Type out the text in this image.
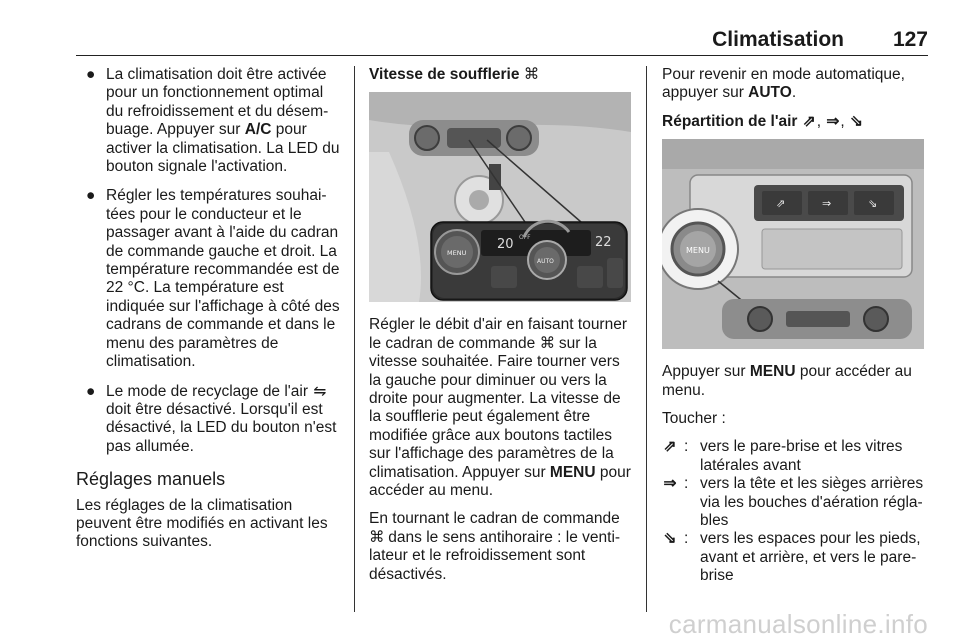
Climatisation 127
● La climatisation doit être activée pour un fonctionnement optimal du refroidissement et du désembuage. Appuyer sur A/C pour activer la climatisation. La LED du bouton signale l'activation.
● Régler les températures souhaitées pour le conducteur et le passager avant à l'aide du cadran de commande gauche et droit. La température recommandée est de 22 °C. La température est indiquée sur l'affichage à côté des cadrans de commande et dans le menu des paramètres de climatisation.
● Le mode de recyclage de l'air ⇋ doit être désactivé. Lorsqu'il est désactivé, la LED du bouton n'est pas allumée.
Réglages manuels

Les réglages de la climatisation peuvent être modifiés en activant les fonctions suivantes.

Vitesse de soufflerie ⌘

20	22
OFF
MENU
AUTO

Régler le débit d'air en faisant tourner le cadran de commande ⌘ sur la vitesse souhaitée. Faire tourner vers la gauche pour diminuer ou vers la droite pour augmenter. La vitesse de la soufflerie peut également être modifiée grâce aux boutons tactiles sur l'affichage des paramètres de la climatisation. Appuyer sur MENU pour accéder au menu.

En tournant le cadran de commande ⌘ dans le sens antihoraire : le ventilateur et le refroidissement sont désactivés.

Pour revenir en mode automatique, appuyer sur AUTO.

Répartition de l'air ⇗, ⇒, ⇘

⇗	⇒	⇘
MENU

Appuyer sur MENU pour accéder au menu.

Toucher :

⇗ : vers le pare-brise et les vitres latérales avant
⇒ : vers la tête et les sièges arrières via les bouches d'aération réglables
⇘ : vers les espaces pour les pieds, avant et arrière, et vers le pare-brise
carmanualsonline.info
